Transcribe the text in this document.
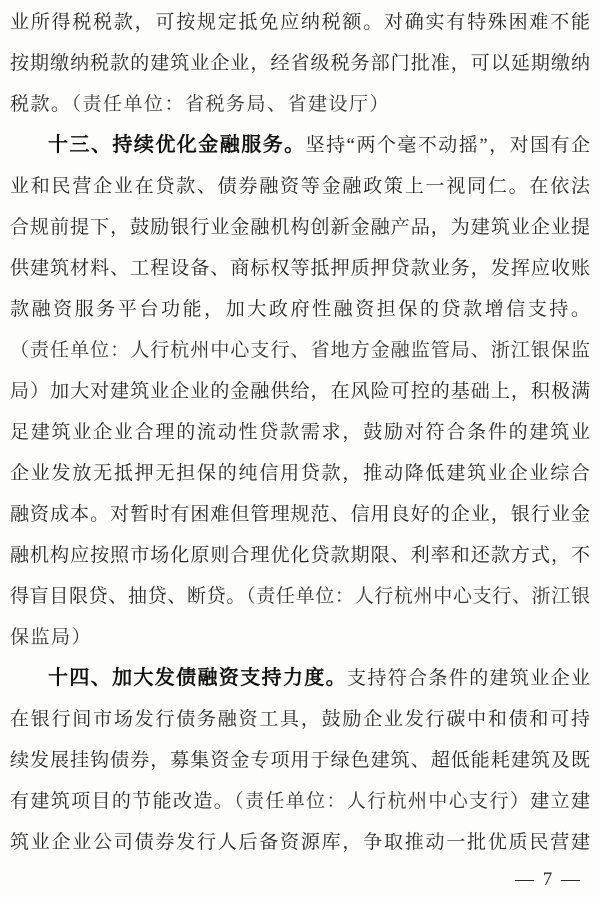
业所得税税款，可按规定抵免应纳税额。对确实有特殊困难不能
按期缴纳税款的建筑业企业，经省级税务部门批准，可以延期缴纳
税款。（责任单位：省税务局、省建设厅）
十三、持续优化金融服务。坚持“两个毫不动摇”，对国有企
业和民营企业在贷款、债券融资等金融政策上一视同仁。在依法
合规前提下，鼓励银行业金融机构创新金融产品，为建筑业企业提
供建筑材料、工程设备、商标权等抵押质押贷款业务，发挥应收账
款融资服务平台功能，加大政府性融资担保的贷款增信支持。
（责任单位：人行杭州中心支行、省地方金融监管局、浙江银保监
局）加大对建筑业企业的金融供给，在风险可控的基础上，积极满
足建筑业企业合理的流动性贷款需求，鼓励对符合条件的建筑业
企业发放无抵押无担保的纯信用贷款，推动降低建筑业企业综合
融资成本。对暂时有困难但管理规范、信用良好的企业，银行业金
融机构应按照市场化原则合理优化贷款期限、利率和还款方式，不
得盲目限贷、抽贷、断贷。（责任单位：人行杭州中心支行、浙江银
保监局）
十四、加大发债融资支持力度。支持符合条件的建筑业企业
在银行间市场发行债务融资工具，鼓励企业发行碳中和债和可持
续发展挂钩债券，募集资金专项用于绿色建筑、超低能耗建筑及既
有建筑项目的节能改造。（责任单位：人行杭州中心支行）建立建
筑业企业公司债券发行人后备资源库，争取推动一批优质民营建
— 7 —
